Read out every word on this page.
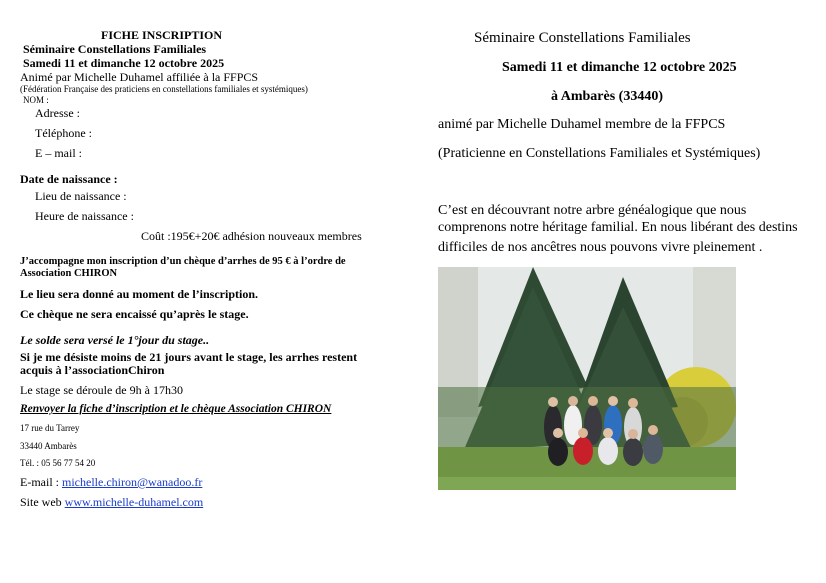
FICHE INSCRIPTION
Séminaire Constellations Familiales
Samedi 11 et dimanche 12 octobre 2025
Animé par Michelle Duhamel affiliée à la FFPCS
(Fédération Française des praticiens en constellations familiales et systémiques)
NOM :
Adresse :
Téléphone :
E – mail :
Date de naissance :
Lieu de naissance :
Heure de naissance :
Coût :195€+20€ adhésion nouveaux membres
J’accompagne mon inscription d’un chèque d’arrhes de 95 € à l’ordre de
Association CHIRON
Le lieu sera donné au moment de l’inscription.
Ce chèque ne sera encaissé qu’après le stage.
Le solde sera versé le 1°jour du stage..
Si je me désiste moins de 21 jours avant le stage, les arrhes restent
acquis à l’associationChiron
Le stage se déroule de 9h à 17h30
Renvoyer la fiche d’inscription et le chèque Association CHIRON
17 rue du Tarrey
33440 Ambarès
Tél. : 05 56 77 54 20
E-mail : michelle.chiron@wanadoo.fr
Site web www.michelle-duhamel.com
Séminaire Constellations Familiales
Samedi 11 et dimanche 12 octobre 2025
à Ambarès (33440)
animé par Michelle Duhamel membre de la FFPCS
(Praticienne en Constellations Familiales et Systémiques)
C’est en découvrant notre arbre généalogique que nous
comprenons notre héritage familial. En nous libérant des destins
difficiles de nos ancêtres nous pouvons vivre pleinement .
